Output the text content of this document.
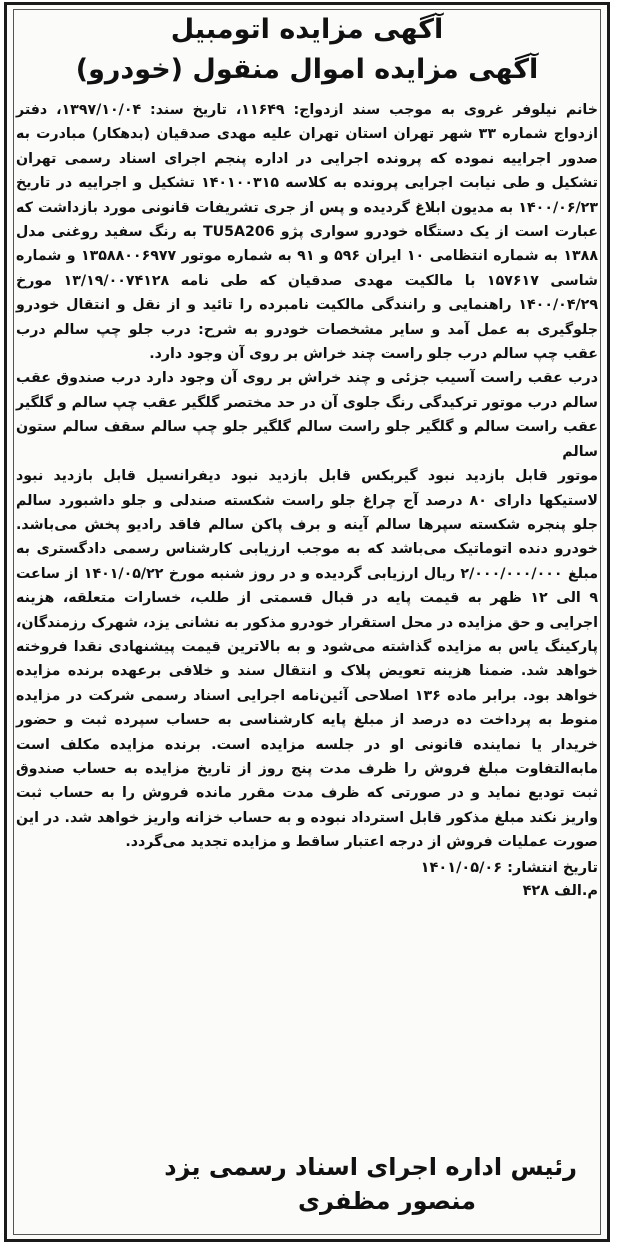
آگهی مزایده اتومبیل
آگهی مزایده اموال منقول (خودرو)

خانم نیلوفر غروی به موجب سند ازدواج: ۱۱۶۴۹، تاریخ سند: ۱۳۹۷/۱۰/۰۴، دفتر ازدواج شماره ۳۳ شهر تهران استان تهران علیه مهدی صدقیان (بدهکار) مبادرت به صدور اجراییه نموده که پرونده اجرایی در اداره پنجم اجرای اسناد رسمی تهران تشکیل و طی نیابت اجرایی پرونده به کلاسه ۱۴۰۱۰۰۳۱۵ تشکیل و اجراییه در تاریخ ۱۴۰۰/۰۶/۲۳ به مدیون ابلاغ گردیده و پس از جری تشریفات قانونی مورد بازداشت که عبارت است از یک دستگاه خودرو سواری پژو TU5A206 به رنگ سفید روغنی مدل ۱۳۸۸ به شماره انتظامی ۱۰ ایران ۵۹۶ و ۹۱ به شماره موتور ۱۳۵۸۸۰۰۶۹۷۷ و شماره شاسی ۱۵۷۶۱۷ با مالکیت مهدی صدقیان که طی نامه ۱۳/۱۹/۰۰۷۴۱۲۸ مورخ ۱۴۰۰/۰۴/۲۹ راهنمایی و رانندگی مالکیت نامبرده را تائید و از نقل و انتقال خودرو جلوگیری به عمل آمد و سایر مشخصات خودرو به شرح: درب جلو چپ سالم درب عقب چپ سالم درب جلو راست چند خراش بر روی آن وجود دارد.

درب عقب راست آسیب جزئی و چند خراش بر روی آن وجود دارد درب صندوق عقب سالم درب موتور ترکیدگی رنگ جلوی آن در حد مختصر گلگیر عقب چپ سالم و گلگیر عقب راست سالم و گلگیر جلو راست سالم گلگیر جلو چپ سالم سقف سالم ستون سالم

موتور قابل بازدید نبود گیربکس قابل بازدید نبود دیفرانسیل قابل بازدید نبود لاستیکها دارای ۸۰ درصد آج چراغ جلو راست شکسته صندلی و جلو داشبورد سالم جلو پنجره شکسته سپرها سالم آینه و برف پاکن سالم فاقد رادیو پخش می‌باشد. خودرو دنده اتوماتیک می‌باشد که به موجب ارزیابی کارشناس رسمی دادگستری به مبلغ ۲/۰۰۰/۰۰۰/۰۰۰ ریال ارزیابی گردیده و در روز شنبه مورخ ۱۴۰۱/۰۵/۲۲ از ساعت ۹ الی ۱۲ ظهر به قیمت پایه در قبال قسمتی از طلب، خسارات متعلقه، هزینه اجرایی و حق مزایده در محل استقرار خودرو مذکور به نشانی یزد، شهرک رزمندگان، پارکینگ یاس به مزایده گذاشته می‌شود و به بالاترین قیمت پیشنهادی نقدا فروخته خواهد شد. ضمنا هزینه تعویض پلاک و انتقال سند و خلافی برعهده برنده مزایده خواهد بود. برابر ماده ۱۳۶ اصلاحی آئین‌نامه اجرایی اسناد رسمی شرکت در مزایده منوط به پرداخت ده درصد از مبلغ پایه کارشناسی به حساب سپرده ثبت و حضور خریدار یا نماینده قانونی او در جلسه مزایده است. برنده مزایده مکلف است مابه‌التفاوت مبلغ فروش را ظرف مدت پنج روز از تاریخ مزایده به حساب صندوق ثبت تودیع نماید و در صورتی که ظرف مدت مقرر مانده فروش را به حساب ثبت واریز نکند مبلغ مذکور قابل استرداد نبوده و به حساب خزانه واریز خواهد شد. در این صورت عملیات فروش از درجه اعتبار ساقط و مزایده تجدید می‌گردد.

تاریخ انتشار: ۱۴۰۱/۰۵/۰۶
م.الف ۴۲۸
رئیس اداره اجرای اسناد رسمی یزد
منصور مظفری
